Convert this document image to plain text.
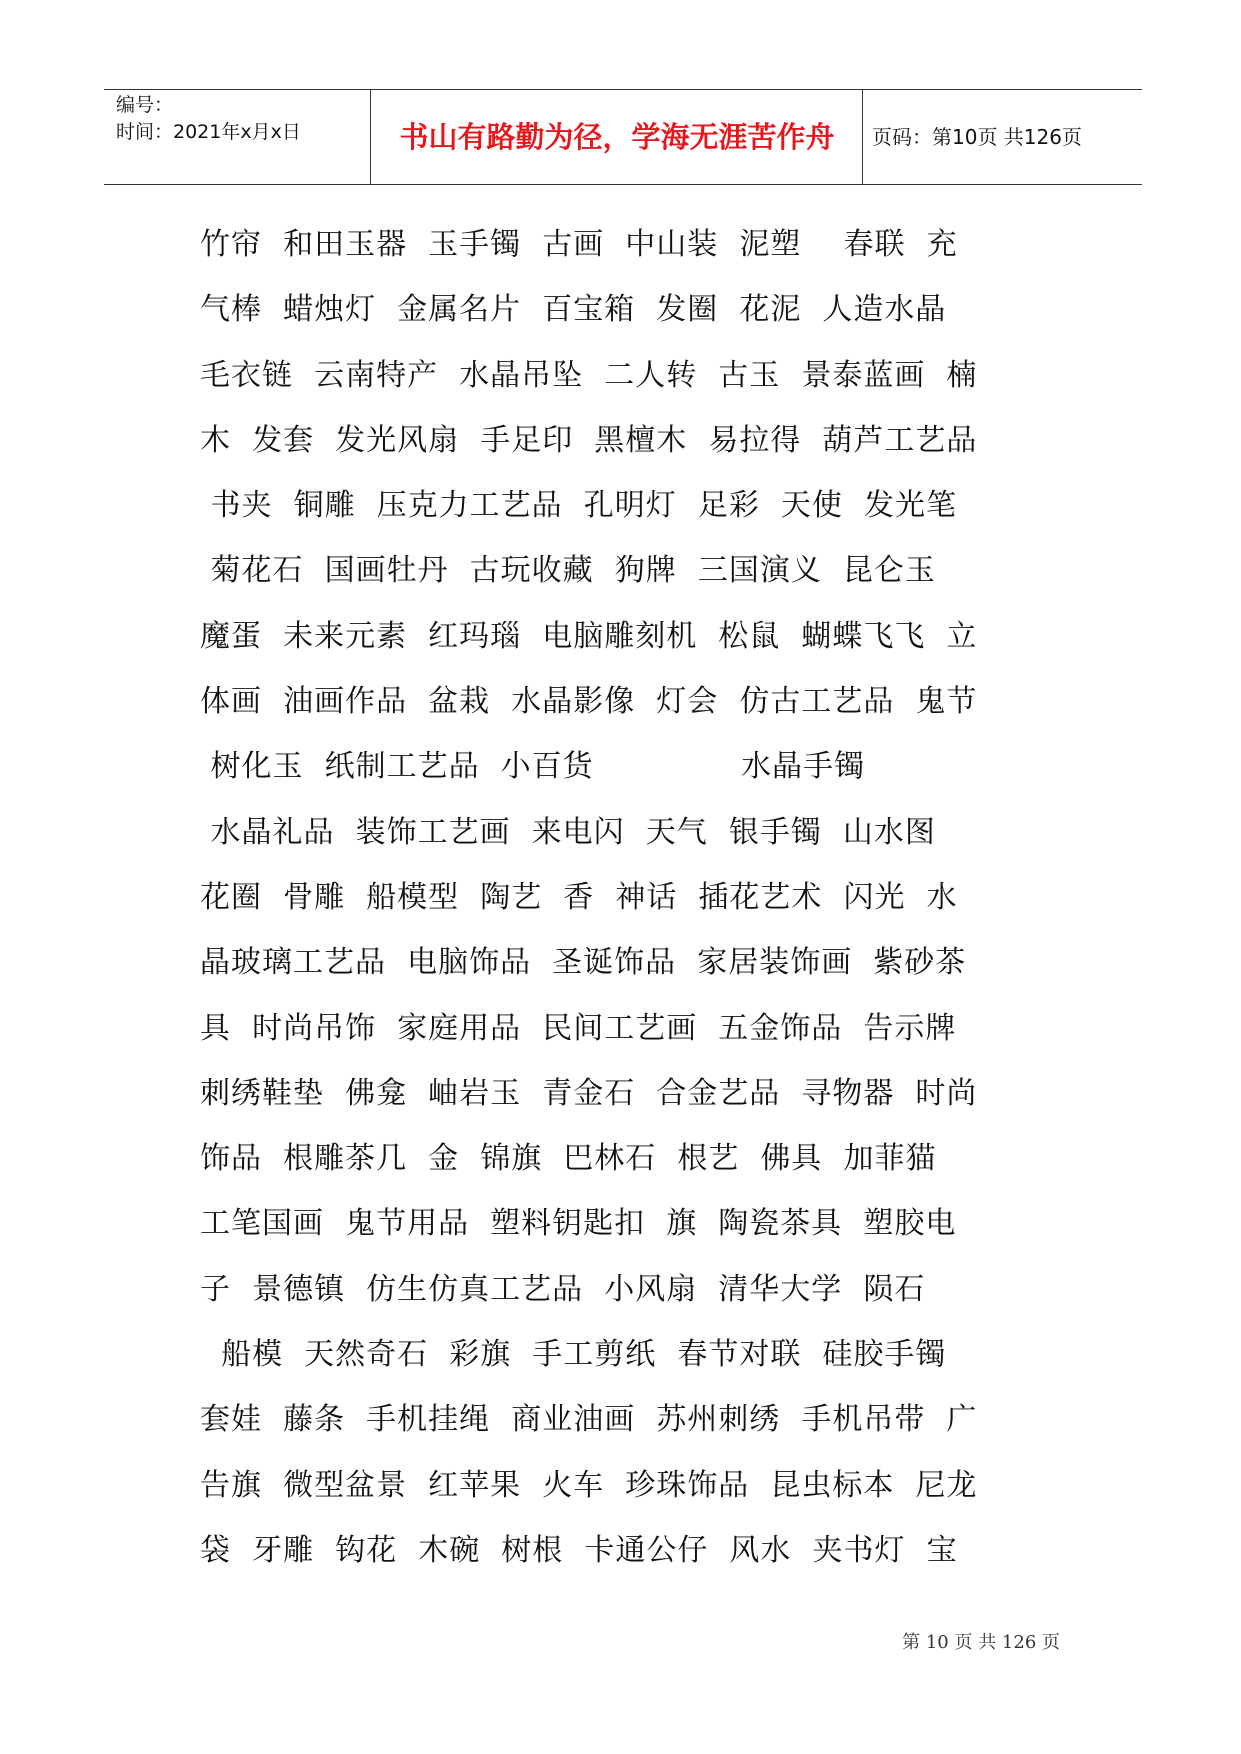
编号：
时间：2021年x月x日	书山有路勤为径，学海无涯苦作舟	页码：第10页 共126页
竹帘  和田玉器  玉手镯  古画  中山装  泥塑    春联  充
气棒  蜡烛灯  金属名片  百宝箱  发圈  花泥  人造水晶
毛衣链  云南特产  水晶吊坠  二人转  古玉  景泰蓝画  楠
木  发套  发光风扇  手足印  黑檀木  易拉得  葫芦工艺品
书夹  铜雕  压克力工艺品  孔明灯  足彩  天使  发光笔
菊花石  国画牡丹  古玩收藏  狗牌  三国演义  昆仑玉
魔蛋  未来元素  红玛瑙  电脑雕刻机  松鼠  蝴蝶飞飞  立
体画  油画作品  盆栽  水晶影像  灯会  仿古工艺品  鬼节
树化玉  纸制工艺品  小百货              水晶手镯
水晶礼品  装饰工艺画  来电闪  天气  银手镯  山水图
花圈  骨雕  船模型  陶艺  香  神话  插花艺术  闪光  水
晶玻璃工艺品  电脑饰品  圣诞饰品  家居装饰画  紫砂茶
具  时尚吊饰  家庭用品  民间工艺画  五金饰品  告示牌
刺绣鞋垫  佛龛  岫岩玉  青金石  合金艺品  寻物器  时尚
饰品  根雕茶几  金  锦旗  巴林石  根艺  佛具  加菲猫
工笔国画  鬼节用品  塑料钥匙扣  旗  陶瓷茶具  塑胶电
子  景德镇  仿生仿真工艺品  小风扇  清华大学  陨石
船模  天然奇石  彩旗  手工剪纸  春节对联  硅胶手镯
套娃  藤条  手机挂绳  商业油画  苏州刺绣  手机吊带  广
告旗  微型盆景  红苹果  火车  珍珠饰品  昆虫标本  尼龙
袋  牙雕  钩花  木碗  树根  卡通公仔  风水  夹书灯  宝
第 10 页 共 126 页
